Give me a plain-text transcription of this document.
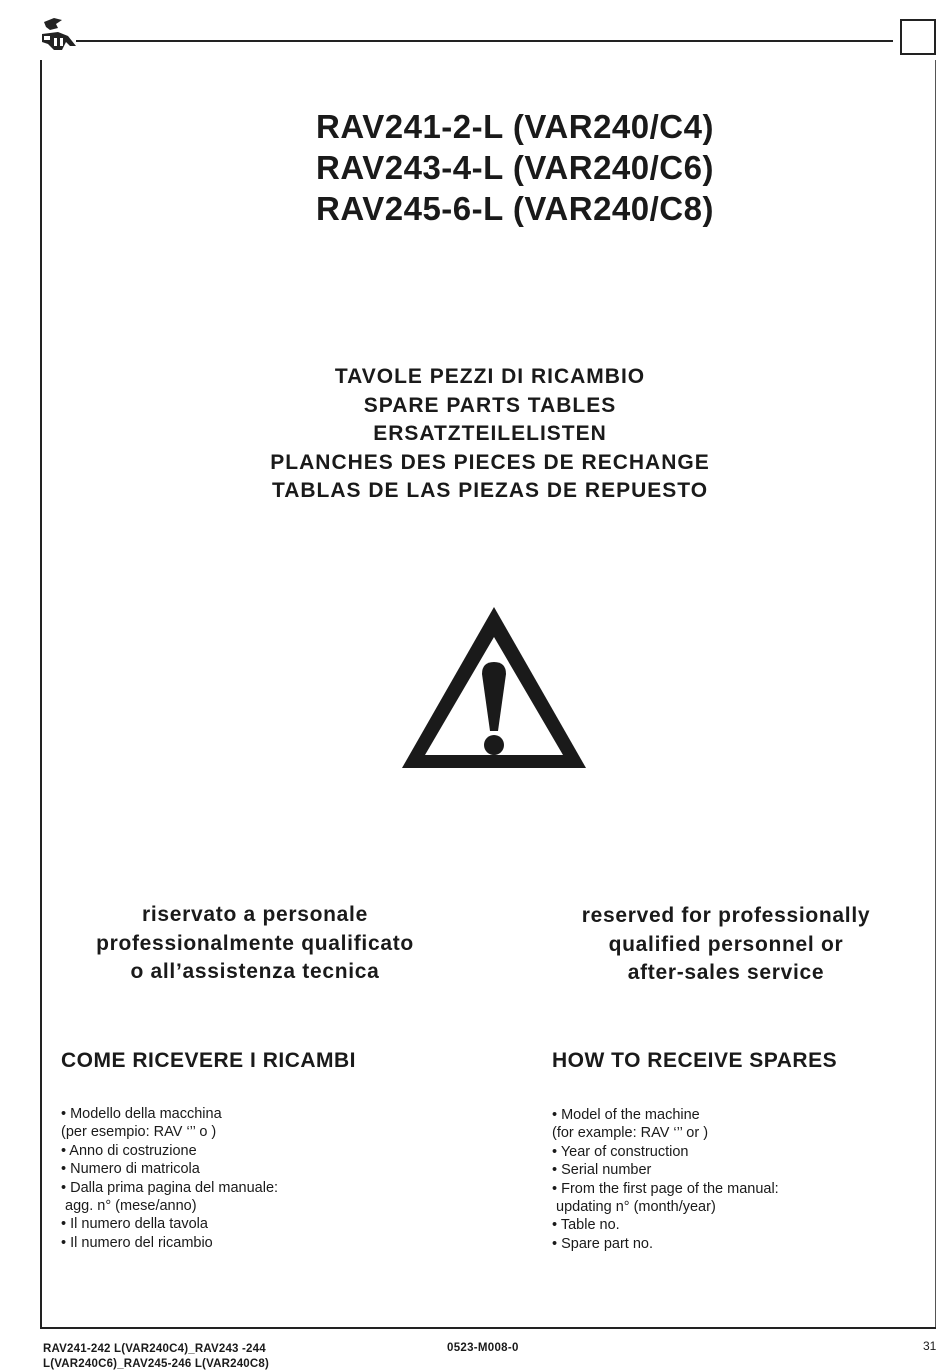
RAV241-2-L (VAR240/C4)
RAV243-4-L (VAR240/C6)
RAV245-6-L (VAR240/C8)
TAVOLE PEZZI DI RICAMBIO
SPARE PARTS TABLES
ERSATZTEILELISTEN
PLANCHES DES PIECES DE RECHANGE
TABLAS DE LAS PIEZAS DE REPUESTO
riservato a personale
professionalmente qualificato
o all’assistenza tecnica
reserved for professionally
qualified personnel or
after-sales service
COME RICEVERE I RICAMBI	HOW TO RECEIVE SPARES
• Modello della macchina
(per esempio: RAV ‘’’ o )
• Anno di costruzione
• Numero di matricola
• Dalla prima pagina del manuale:
agg. n° (mese/anno)
• Il numero della tavola
• Il numero del ricambio
• Model of the machine
(for example: RAV ‘’’ or )
• Year of construction
• Serial number
• From the first page of the manual:
updating n° (month/year)
• Table no.
• Spare part no.
RAV241-242 L(VAR240C4)_RAV243 -244
L(VAR240C6)_RAV245-246 L(VAR240C8)
0523-M008-0	31
